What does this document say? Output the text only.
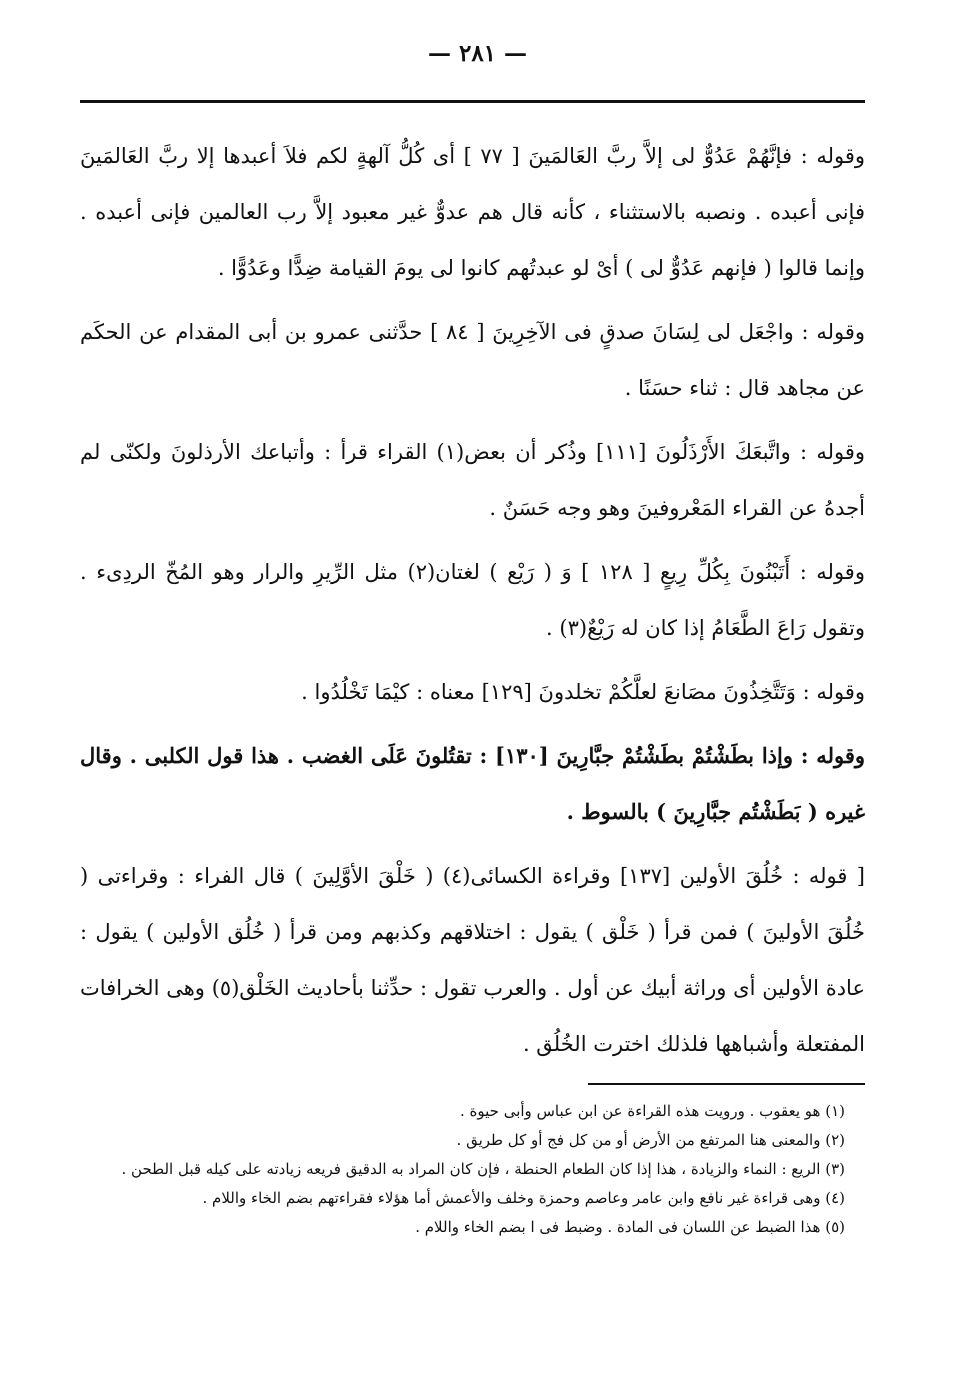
— ٢٨١ —

وقوله : فإنَّهُمْ عَدُوٌّ لى إلاَّ ربَّ العَالمَينَ [ ٧٧ ] أى كُلُّ آلهةٍ لكم فلاَ أعبدها إلا ربَّ العَالمَينَ فإنى أعبده . ونصبه بالاستثناء ، كأنه قال هم عدوٌّ غير معبود إلاَّ رب العالمين فإنى أعبده . وإنما قالوا ( فإنهم عَدُوٌّ لى ) أىْ لو عبدتُهم كانوا لى يومَ القيامة ضِدًّا وعَدُوًّا .

وقوله : واجْعَل لى لِسَانَ صدقٍ فى الآخِرِينَ [ ٨٤ ] حدَّثنى عمرو بن أبى المقدام عن الحكَم عن مجاهد قال : ثناء حسَنًا .

وقوله : واتَّبعَكَ الأَرْذَلُونَ [١١١] وذُكر أن بعض(١) القراء قرأ : وأتباعك الأرذلونَ ولكنّى لم أجدهُ عن القراء المَعْروفينَ وهو وجه حَسَنٌ .

وقوله : أَتَبْنُونَ بِكُلِّ رِيعٍ [ ١٢٨ ] وَ ( رَيْع ) لغتان(٢) مثل الرِّيرِ والرار وهو المُخّ الردِىء . وتقول رَاعَ الطَّعَامُ إذا كان له رَيْعٌ(٣) .

وقوله : وَتَتَّخِذُونَ مصَانعَ لعلَّكُمْ تخلدونَ [١٢٩] معناه : كيْمَا تَخْلُدُوا .

وقوله : وإذا بطَشْتُمْ بطَشْتُمْ جبَّارِينَ [١٣٠] : تقتُلونَ عَلَى الغضب . هذا قول الكلبى . وقال غيره ( بَطَشْتُم جبَّارِينَ ) بالسوط .

[ قوله : خُلُقَ الأولين [١٣٧] وقراءة الكسائى(٤) ( خَلْقَ الأوَّلِينَ ) قال الفراء : وقراءتى ( خُلُقَ الأولينَ ) فمن قرأ ( خَلْق ) يقول : اختلاقهم وكذبهم ومن قرأ ( خُلُق الأولين ) يقول : عادة الأولين أى وراثة أبيك عن أول . والعرب تقول : حدِّثنا بأحاديث الخَلْق(٥) وهى الخرافات المفتعلة وأشباهها فلذلك اخترت الخُلُق .

(١) هو يعقوب . ورويت هذه القراءة عن ابن عباس وأبى حيوة .

(٢) والمعنى هنا المرتفع من الأرض أو من كل فج أو كل طريق .

(٣) الريع : النماء والزيادة ، هذا إذا كان الطعام الحنطة ، فإن كان المراد به الدقيق فريعه زيادته على كيله قبل الطحن .

(٤) وهى قراءة غير نافع وابن عامر وعاصم وحمزة وخلف والأعمش أما هؤلاء فقراءتهم بضم الخاء واللام .

(٥) هذا الضبط عن اللسان فى المادة . وضبط فى ا بضم الخاء واللام .
